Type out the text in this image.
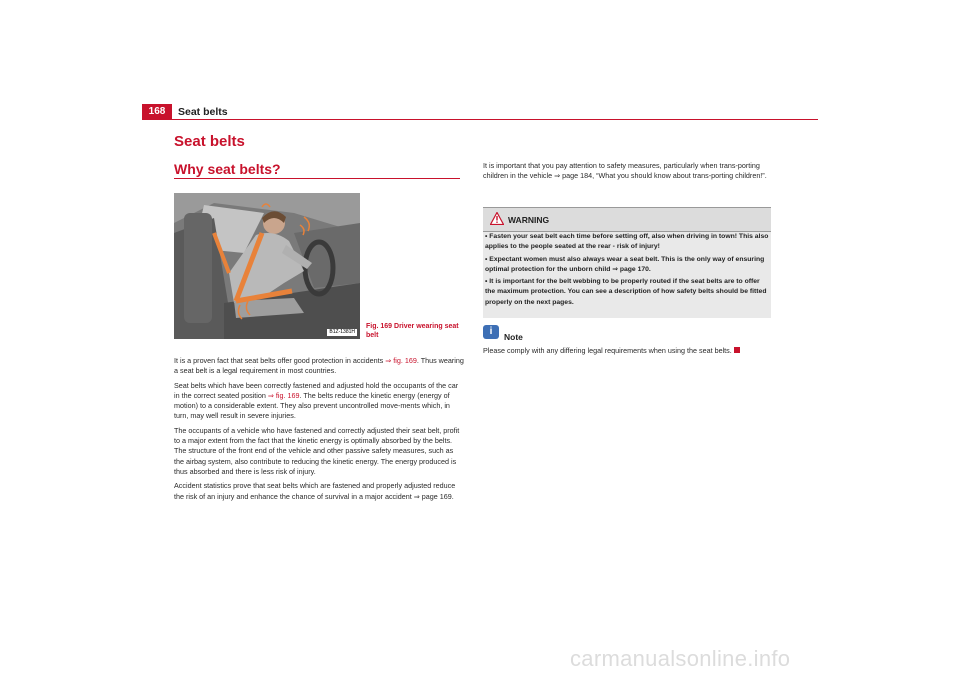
168	Seat belts
Seat belts
Why seat belts?
B1Z-1381H
Fig. 169 Driver wearing seat belt

It is a proven fact that seat belts offer good protection in accidents ⇒ fig. 169. Thus wearing a seat belt is a legal requirement in most countries.

Seat belts which have been correctly fastened and adjusted hold the occupants of the car in the correct seated position ⇒ fig. 169. The belts reduce the kinetic energy (energy of motion) to a considerable extent. They also prevent uncontrolled move-ments which, in turn, may well result in severe injuries.

The occupants of a vehicle who have fastened and correctly adjusted their seat belt, profit to a major extent from the fact that the kinetic energy is optimally absorbed by the belts. The structure of the front end of the vehicle and other passive safety measures, such as the airbag system, also contribute to reducing the kinetic energy. The energy produced is thus absorbed and there is less risk of injury.

Accident statistics prove that seat belts which are fastened and properly adjusted reduce the risk of an injury and enhance the chance of survival in a major accident ⇒ page 169.

It is important that you pay attention to safety measures, particularly when trans-porting children in the vehicle ⇒ page 184, “What you should know about trans-porting children!”.

WARNING
• Fasten your seat belt each time before setting off, also when driving in town! This also applies to the people seated at the rear - risk of injury!
• Expectant women must also always wear a seat belt. This is the only way of ensuring optimal protection for the unborn child ⇒ page 170.
• It is important for the belt webbing to be properly routed if the seat belts are to offer the maximum protection. You can see a description of how safety belts should be fitted properly on the next pages.
i	Note
Please comply with any differing legal requirements when using the seat belts.
carmanualsonline.info
